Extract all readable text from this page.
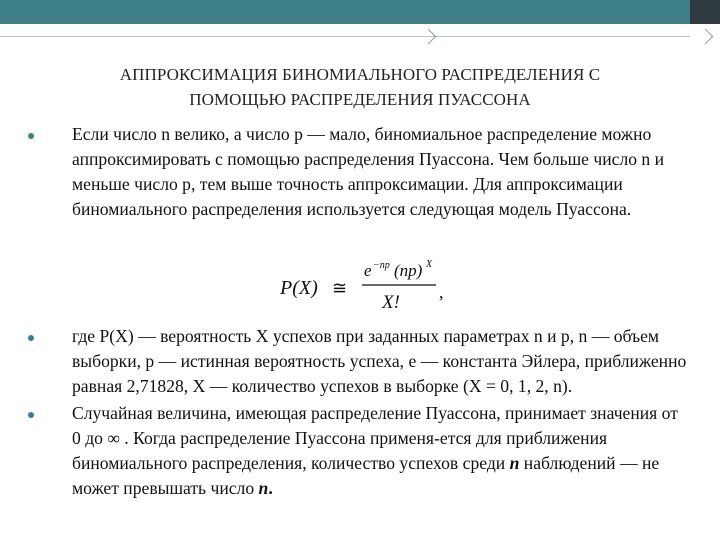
АППРОКСИМАЦИЯ БИНОМИАЛЬНОГО РАСПРЕДЕЛЕНИЯ С
ПОМОЩЬЮ РАСПРЕДЕЛЕНИЯ ПУАССОНА
Если число n велико, а число р — мало, биномиальное распределение можно аппроксимировать с помощью распределения Пуассона. Чем больше число n и меньше число р, тем выше точность аппроксимации. Для аппроксимации биномиального распределения используется следующая модель Пуассона.
P(X) ≅
e −np (np) X
X! ,
где Р(Х) — вероятность Х успехов при заданных параметрах n и р, n — объем выборки, р — истинная вероятность успеха, е — константа Эйлера, приближенно равная 2,71828, Х — количество успехов в выборке (Х = 0, 1, 2, n).
Случайная величина, имеющая распределение Пуассона, принимает значения от 0 до ∞ . Когда распределение Пуассона применя-ется для приближения биномиального распределения, количество успехов среди n наблюдений — не может превышать число n.
